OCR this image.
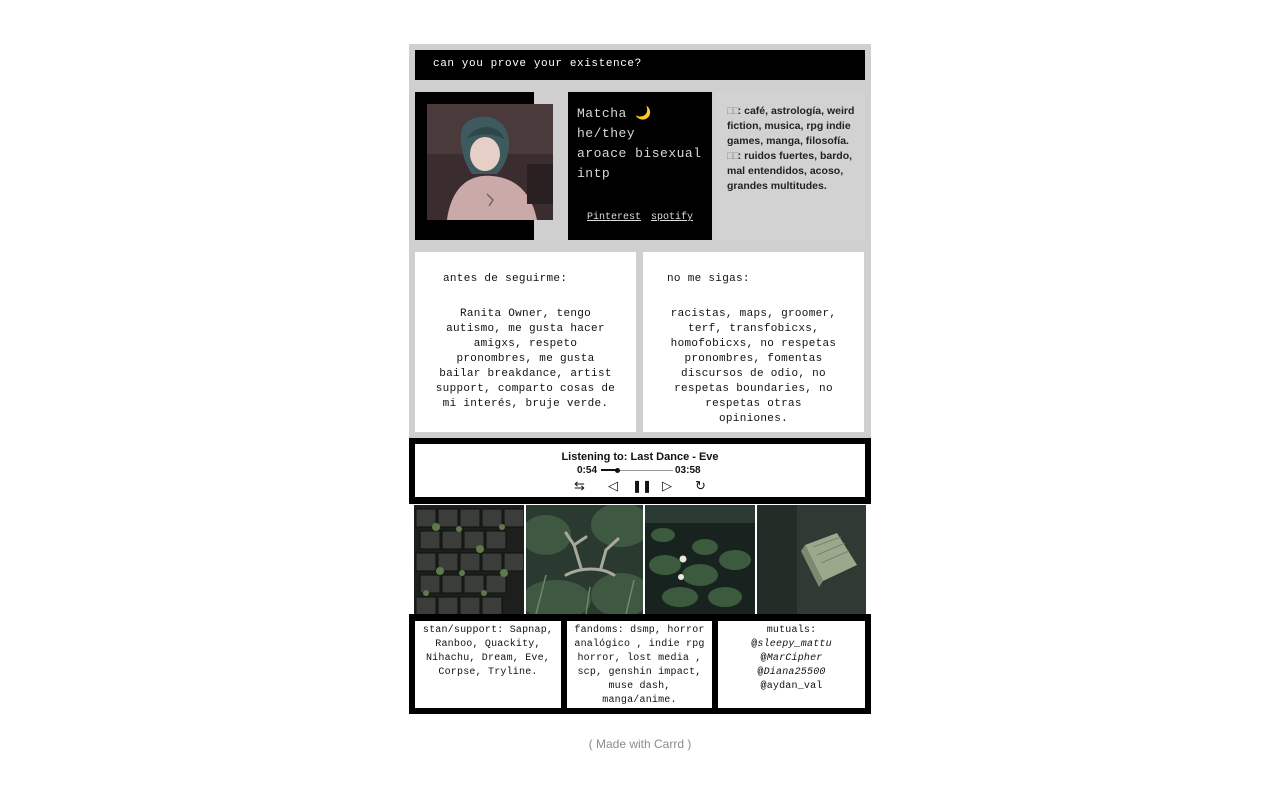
can you prove your existence?
Matcha 🌙
he/they
aroace bisexual
intp
Pinterest spotify
□□: café, astrología, weird fiction, musica, rpg indie games, manga, filosofía.
□□: ruidos fuertes, bardo, mal entendidos, acoso, grandes multitudes.
antes de seguirme:
Ranita Owner, tengo
autismo, me gusta hacer
amigxs, respeto
pronombres, me gusta
bailar breakdance, artist
support, comparto cosas de
mi interés, bruje verde.
no me sigas:
racistas, maps, groomer,
terf, transfobicxs,
homofobicxs, no respetas
pronombres, fomentas
discursos de odio, no
respetas boundaries, no
respetas otras
opiniones.
Listening to: Last Dance - Eve
0:54	03:58
⇆ ◁ ❚❚ ▷ ↻
stan/support: Sapnap,
Ranboo, Quackity,
Nihachu, Dream, Eve,
Corpse, Tryline.
fandoms: dsmp, horror
analógico , indie rpg
horror, lost media ,
scp, genshin impact,
muse dash,
manga/anime.
mutuals:
@sleepy_mattu
@MarCipher
@Diana25500
@aydan_val
( Made with Carrd )
